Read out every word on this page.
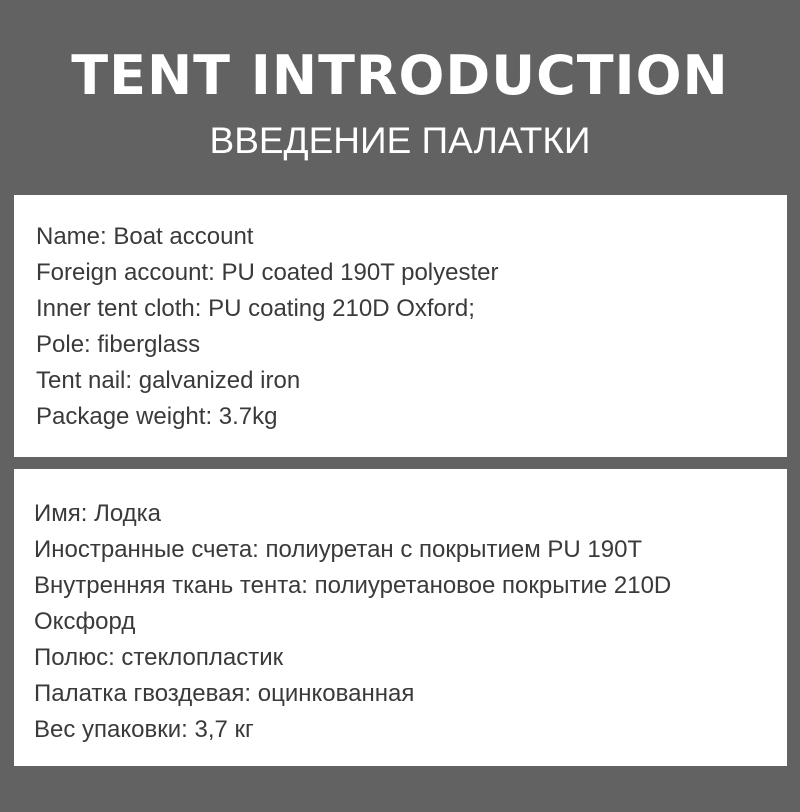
TENT INTRODUCTION
ВВЕДЕНИЕ ПАЛАТКИ
Name: Boat account
Foreign account: PU coated 190T polyester
Inner tent cloth: PU coating 210D Oxford;
Pole: fiberglass
Tent nail: galvanized iron
Package weight: 3.7kg
Имя: Лодка
Иностранные счета: полиуретан с покрытием PU 190T
Внутренняя ткань тента: полиуретановое покрытие 210D Оксфорд
Полюс: стеклопластик
Палатка гвоздевая: оцинкованная
Вес упаковки: 3,7 кг
